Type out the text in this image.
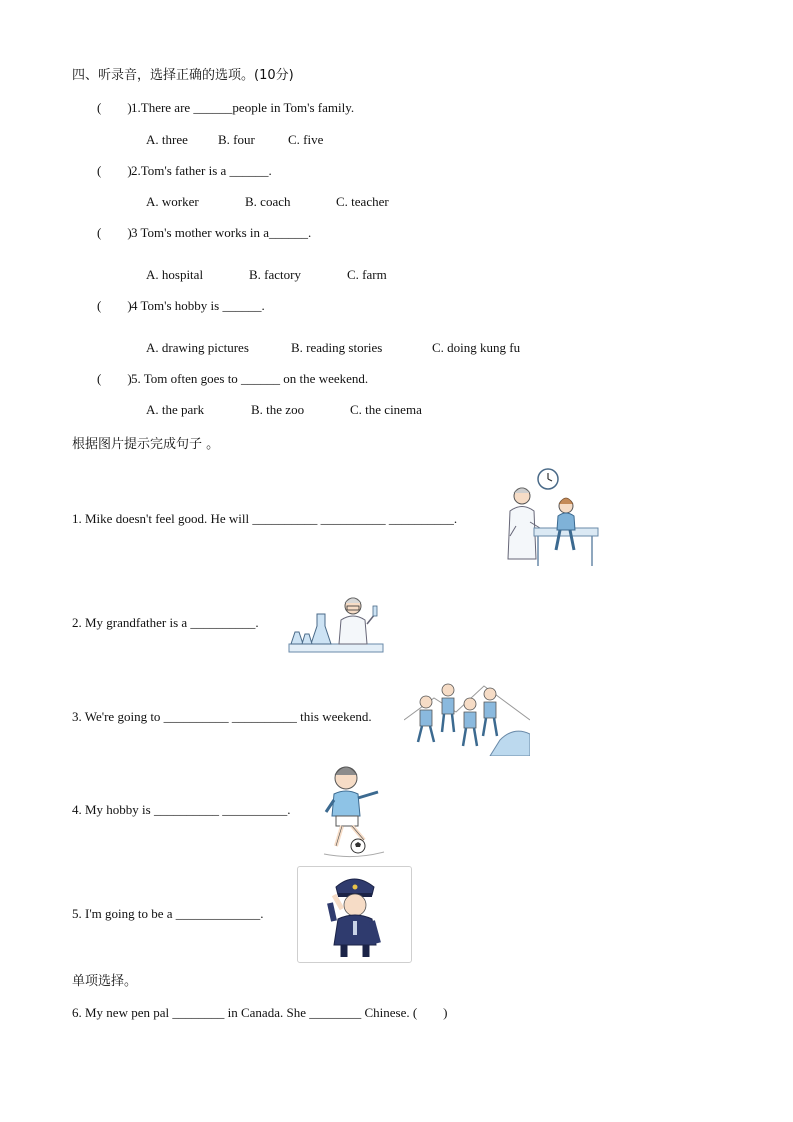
四、听录音，选择正确的选项。(10分)
(        ) 1.There are ______people in Tom's family.
A. three B. four	C. five
(        ) 2.Tom's father is a ______.
A. worker	B. coach	C. teacher
(        ) 3 Tom's mother works in a______.
A. hospital	B. factory	C. farm
(        ) 4 Tom's hobby is ______.
A. drawing pictures	B. reading stories	C. doing kung fu
(        ) 5. Tom often goes to ______ on the weekend.
A. the park	B. the zoo	C. the cinema
根据图片提示完成句子 。
1. Mike doesn't feel good. He will __________ __________ __________.
2. My grandfather is a __________.
3. We're going to __________ __________ this weekend.
4. My hobby is __________ __________.
5. I'm going to be a _____________.
单项选择。
6. My new pen pal ________ in Canada. She ________ Chinese. (        )
